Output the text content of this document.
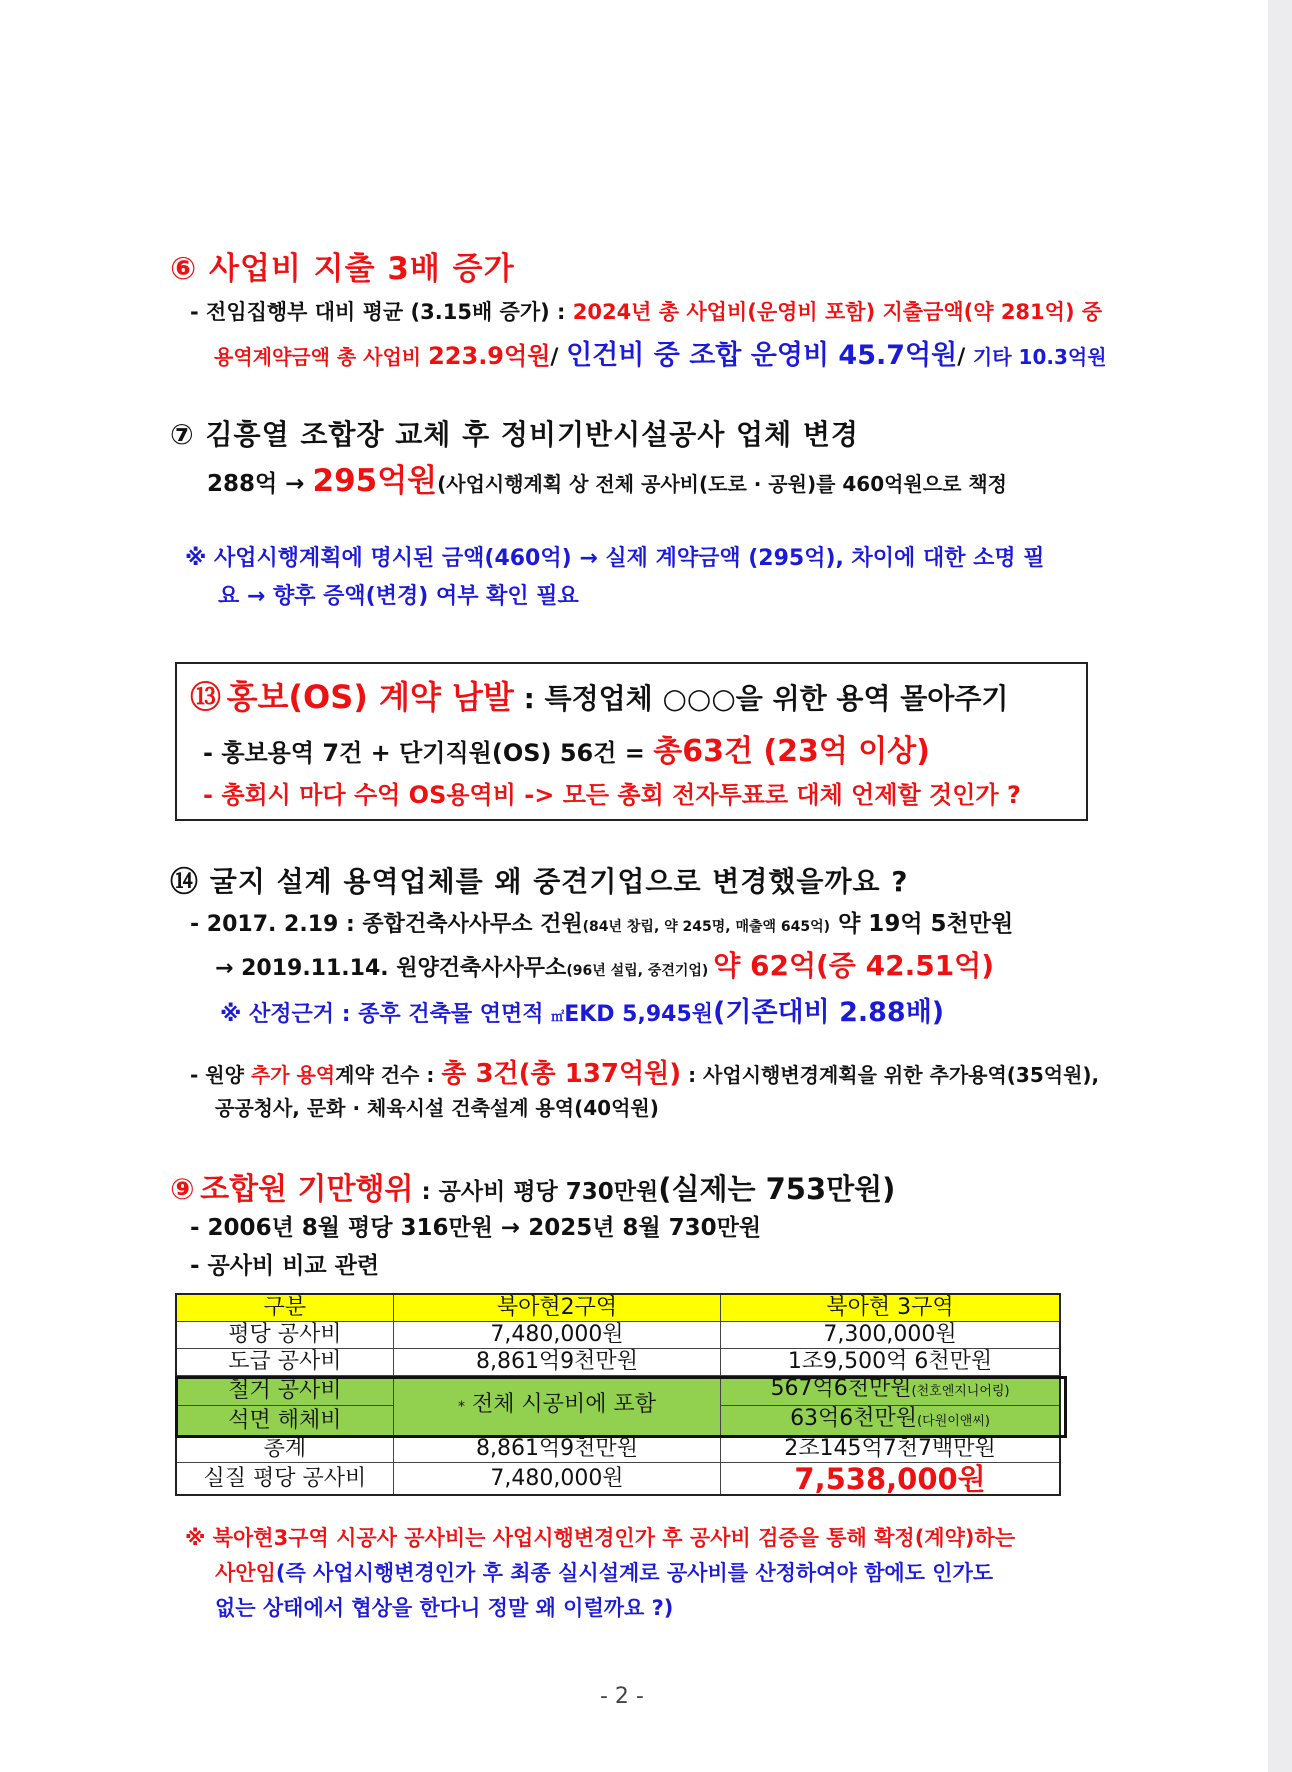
⑥ 사업비 지출 3배 증가
- 전임집행부 대비 평균 (3.15배 증가) : 2024년 총 사업비(운영비 포함) 지출금액(약 281억) 중
용역계약금액 총 사업비 223.9억원/ 인건비 중 조합 운영비 45.7억원/ 기타 10.3억원
⑦ 김흥열 조합장 교체 후 정비기반시설공사 업체 변경
288억 → 295억원(사업시행계획 상 전체 공사비(도로 · 공원)를 460억원으로 책정
※ 사업시행계획에 명시된 금액(460억) → 실제 계약금액 (295억), 차이에 대한 소명 필
요 → 향후 증액(변경) 여부 확인 필요
⑬ 홍보(OS) 계약 남발 : 특정업체 ○○○을 위한 용역 몰아주기
- 홍보용역 7건 + 단기직원(OS) 56건 = 총63건 (23억 이상)
- 총회시 마다 수억 OS용역비 -> 모든 총회 전자투표로 대체 언제할 것인가 ?
⑭ 굴지 설계 용역업체를 왜 중견기업으로 변경했을까요 ?
- 2017. 2.19 : 종합건축사사무소 건원(84년 창립, 약 245명, 매출액 645억) 약 19억 5천만원
→ 2019.11.14. 원양건축사사무소(96년 설립, 중견기업) 약 62억(증 42.51억)
※ 산정근거 : 종후 건축물 연면적 ㎡EKD 5,945원(기존대비 2.88배)
- 원양 추가 용역계약 건수 : 총 3건(총 137억원) : 사업시행변경계획을 위한 추가용역(35억원),
공공청사, 문화 · 체육시설 건축설계 용역(40억원)
⑨ 조합원 기만행위 : 공사비 평당 730만원(실제는 753만원)
- 2006년 8월 평당 316만원 → 2025년 8월 730만원
- 공사비 비교 관련
구분	북아현2구역	북아현 3구역
평당 공사비	7,480,000원	7,300,000원
도급 공사비	8,861억9천만원	1조9,500억 6천만원
철거 공사비	* 전체 시공비에 포함	567억6천만원(천호엔지니어링)
석면 해체비		63억6천만원(다원이앤씨)
총계	8,861억9천만원	2조145억7천7백만원
실질 평당 공사비	7,480,000원	7,538,000원
※ 북아현3구역 시공사 공사비는 사업시행변경인가 후 공사비 검증을 통해 확정(계약)하는
사안임(즉 사업시행변경인가 후 최종 실시설계로 공사비를 산정하여야 함에도 인가도
없는 상태에서 협상을 한다니 정말 왜 이럴까요 ?)
- 2 -
